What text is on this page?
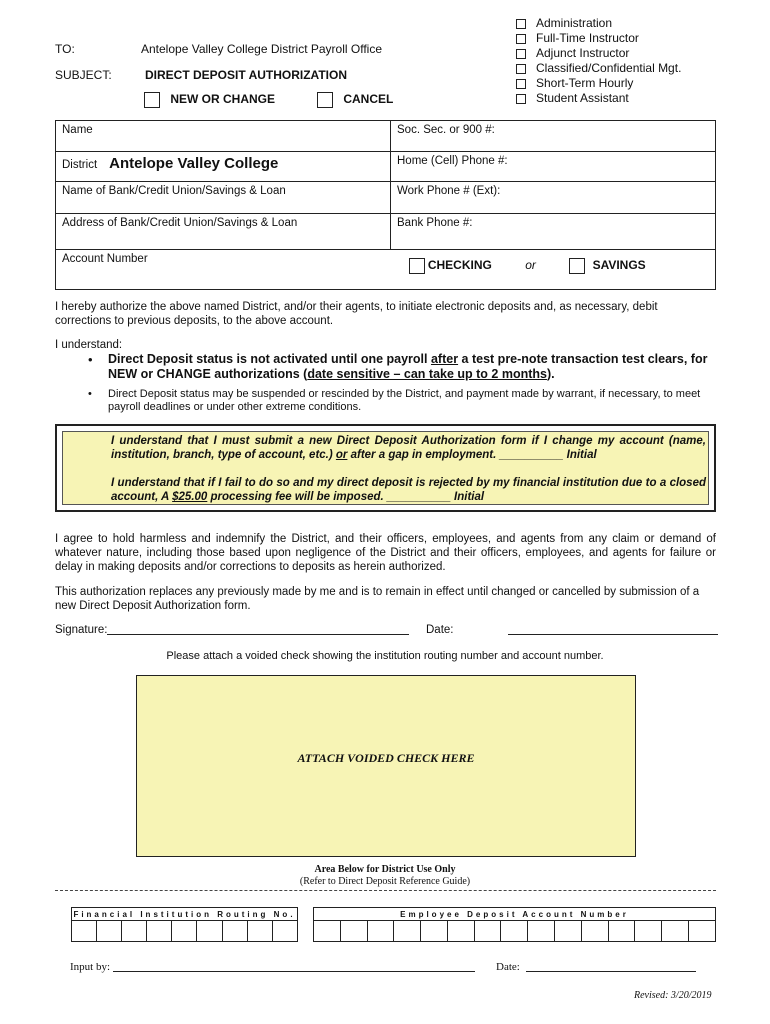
TO:	Antelope Valley College District Payroll Office
SUBJECT:	DIRECT DEPOSIT AUTHORIZATION
NEW OR CHANGE	CANCEL
Administration
Full-Time Instructor
Adjunct Instructor
Classified/Confidential Mgt.
Short-Term Hourly
Student Assistant
Name	Soc. Sec. or 900 #:
District Antelope Valley College	Home (Cell) Phone #:
Name of Bank/Credit Union/Savings & Loan	Work Phone # (Ext):
Address of Bank/Credit Union/Savings & Loan	Bank Phone #:
Account Number	CHECKING or SAVINGS
I hereby authorize the above named District, and/or their agents, to initiate electronic deposits and, as necessary, debit corrections to previous deposits, to the above account.
I understand:
• Direct Deposit status is not activated until one payroll after a test pre-note transaction test clears, for NEW or CHANGE authorizations (date sensitive – can take up to 2 months).
• Direct Deposit status may be suspended or rescinded by the District, and payment made by warrant, if necessary, to meet payroll deadlines or under other extreme conditions.
I understand that I must submit a new Direct Deposit Authorization form if I change my account (name, institution, branch, type of account, etc.) or after a gap in employment. __________ Initial
I understand that if I fail to do so and my direct deposit is rejected by my financial institution due to a closed account, A $25.00 processing fee will be imposed. __________ Initial
I agree to hold harmless and indemnify the District, and their officers, employees, and agents from any claim or demand of whatever nature, including those based upon negligence of the District and their officers, employees, and agents for failure or delay in making deposits and/or corrections to deposits as herein authorized.
This authorization replaces any previously made by me and is to remain in effect until changed or cancelled by submission of a new Direct Deposit Authorization form.
Signature:	Date:
Please attach a voided check showing the institution routing number and account number.
ATTACH VOIDED CHECK HERE
Area Below for District Use Only
(Refer to Direct Deposit Reference Guide)
Financial Institution Routing No.
									Employee Deposit Account Number

Input by:	Date:
Revised: 3/20/2019
